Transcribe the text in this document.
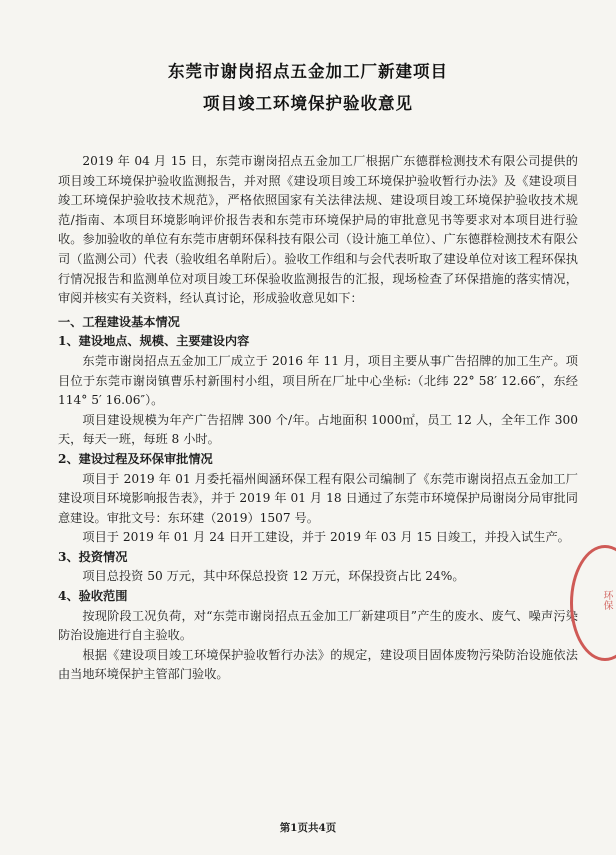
东莞市谢岗招点五金加工厂新建项目
项目竣工环境保护验收意见

2019 年 04 月 15 日，东莞市谢岗招点五金加工厂根据广东德群检测技术有限公司提供的项目竣工环境保护验收监测报告，并对照《建设项目竣工环境保护验收暂行办法》及《建设项目竣工环境保护验收技术规范》，严格依照国家有关法律法规、建设项目竣工环境保护验收技术规范/指南、本项目环境影响评价报告表和东莞市环境保护局的审批意见书等要求对本项目进行验收。参加验收的单位有东莞市唐朝环保科技有限公司（设计施工单位）、广东德群检测技术有限公司（监测公司）代表（验收组名单附后）。验收工作组和与会代表听取了建设单位对该工程环保执行情况报告和监测单位对项目竣工环保验收监测报告的汇报，现场检查了环保措施的落实情况，审阅并核实有关资料，经认真讨论，形成验收意见如下：

一、工程建设基本情况

1、建设地点、规模、主要建设内容

东莞市谢岗招点五金加工厂成立于 2016 年 11 月，项目主要从事广告招牌的加工生产。项目位于东莞市谢岗镇曹乐村新围村小组，项目所在厂址中心坐标:（北纬 22° 58′ 12.66″，东经 114° 5′ 16.06″）。

项目建设规模为年产广告招牌 300 个/年。占地面积 1000㎡，员工 12 人，全年工作 300 天，每天一班，每班 8 小时。

2、建设过程及环保审批情况

项目于 2019 年 01 月委托福州闽涵环保工程有限公司编制了《东莞市谢岗招点五金加工厂建设项目环境影响报告表》，并于 2019 年 01 月 18 日通过了东莞市环境保护局谢岗分局审批同意建设。审批文号：东环建（2019）1507 号。

项目于 2019 年 01 月 24 日开工建设，并于 2019 年 03 月 15 日竣工，并投入试生产。

3、投资情况

项目总投资 50 万元，其中环保总投资 12 万元，环保投资占比 24%。

4、验收范围

按现阶段工况负荷，对“东莞市谢岗招点五金加工厂新建项目”产生的废水、废气、噪声污染防治设施进行自主验收。

根据《建设项目竣工环境保护验收暂行办法》的规定，建设项目固体废物污染防治设施依法由当地环境保护主管部门验收。

环保
第1页共4页
